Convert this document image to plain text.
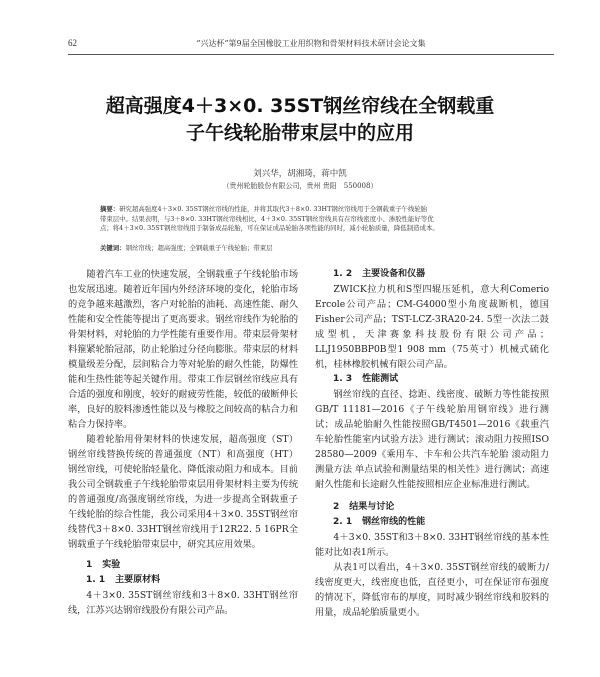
62	“兴达杯”第9届全国橡胶工业用织物和骨架材料技术研讨会论文集
超高强度4＋3×0. 35ST钢丝帘线在全钢载重
子午线轮胎带束层中的应用
刘兴华，胡湘琦，蒋中凯
（贵州轮胎股份有限公司，贵州 贵阳　550008）
摘要：研究超高强度4＋3×0. 35ST钢丝帘线的性能，并将其取代3＋8×0. 33HT钢丝帘线用于全钢载重子午线轮胎
带束层中。结果表明，与3＋8×0. 33HT钢丝帘线相比，4＋3×0. 35ST钢丝帘线具有在帘线密度小、渗胶性能好等优
点；将4＋3×0. 35ST钢丝帘线用于制备成品轮胎，可在保证成品轮胎各项性能的同时，减小轮胎质量，降低制造成本。
关键词：钢丝帘线；超高强度；全钢载重子午线轮胎；带束层

随着汽车工业的快速发展，全钢载重子午线轮胎市场也发展迅速。随着近年国内外经济环境的变化，轮胎市场的竞争越来越激烈，客户对轮胎的油耗、高速性能、耐久性能和安全性能等提出了更高要求。钢丝帘线作为轮胎的骨架材料，对轮胎的力学性能有重要作用。带束层骨架材料箍紧轮胎冠部，防止轮胎过分径向膨胀。带束层的材料模量级差分配，层间粘合力等对轮胎的耐久性能，防爆性能和生热性能等起关键作用。带束工作层钢丝帘线应具有合适的强度和刚度，较好的耐疲劳性能，较低的破断伸长率，良好的胶料渗透性能以及与橡胶之间较高的粘合力和粘合力保持率。

随着轮胎用骨架材料的快速发展，超高强度（ST）钢丝帘线替换传统的普通强度（NT）和高强度（HT）钢丝帘线，可使轮胎轻量化、降低滚动阻力和成本。目前我公司全钢载重子午线轮胎带束层用骨架材料主要为传统的普通强度/高强度钢丝帘线，为进一步提高全钢载重子午线轮胎的综合性能，我公司采用4＋3×0. 35ST钢丝帘线替代3＋8×0. 33HT钢丝帘线用于12R22. 5 16PR全钢载重子午线轮胎带束层中，研究其应用效果。

1 实验

1. 1 主要原材料

4＋3×0. 35ST钢丝帘线和3＋8×0. 33HT钢丝帘线，江苏兴达钢帘线股份有限公司产品。

1. 2 主要设备和仪器

ZWICK拉力机和S型四辊压延机，意大利Comerio Ercole公司产品；CM-G4000型小角度裁断机，德国Fisher公司产品；TST-LCZ-3RA20-24. 5型一次法二鼓成型机，天津赛象科技股份有限公司产品；LLJ1950BBP0B型1 908 mm（75英寸）机械式硫化机，桂林橡胶机械有限公司产品。

1. 3 性能测试

钢丝帘线的直径、捻距、线密度、破断力等性能按照GB/T 11181—2016《子午线轮胎用钢帘线》进行测试；成品轮胎耐久性能按照GB/T4501—2016《载重汽车轮胎性能室内试验方法》进行测试；滚动阻力按照ISO 28580—2009《乘用车、卡车和公共汽车轮胎 滚动阻力测量方法 单点试验和测量结果的相关性》进行测试；高速耐久性能和长途耐久性能按照相应企业标准进行测试。

2 结果与讨论

2. 1 钢丝帘线的性能

4＋3×0. 35ST和3＋8×0. 33HT钢丝帘线的基本性能对比如表1所示。

从表1可以看出，4＋3×0. 35ST钢丝帘线的破断力/线密度更大，线密度也低，直径更小，可在保证帘布强度的情况下，降低帘布的厚度，同时减少钢丝帘线和胶料的用量，成品轮胎质量更小。
